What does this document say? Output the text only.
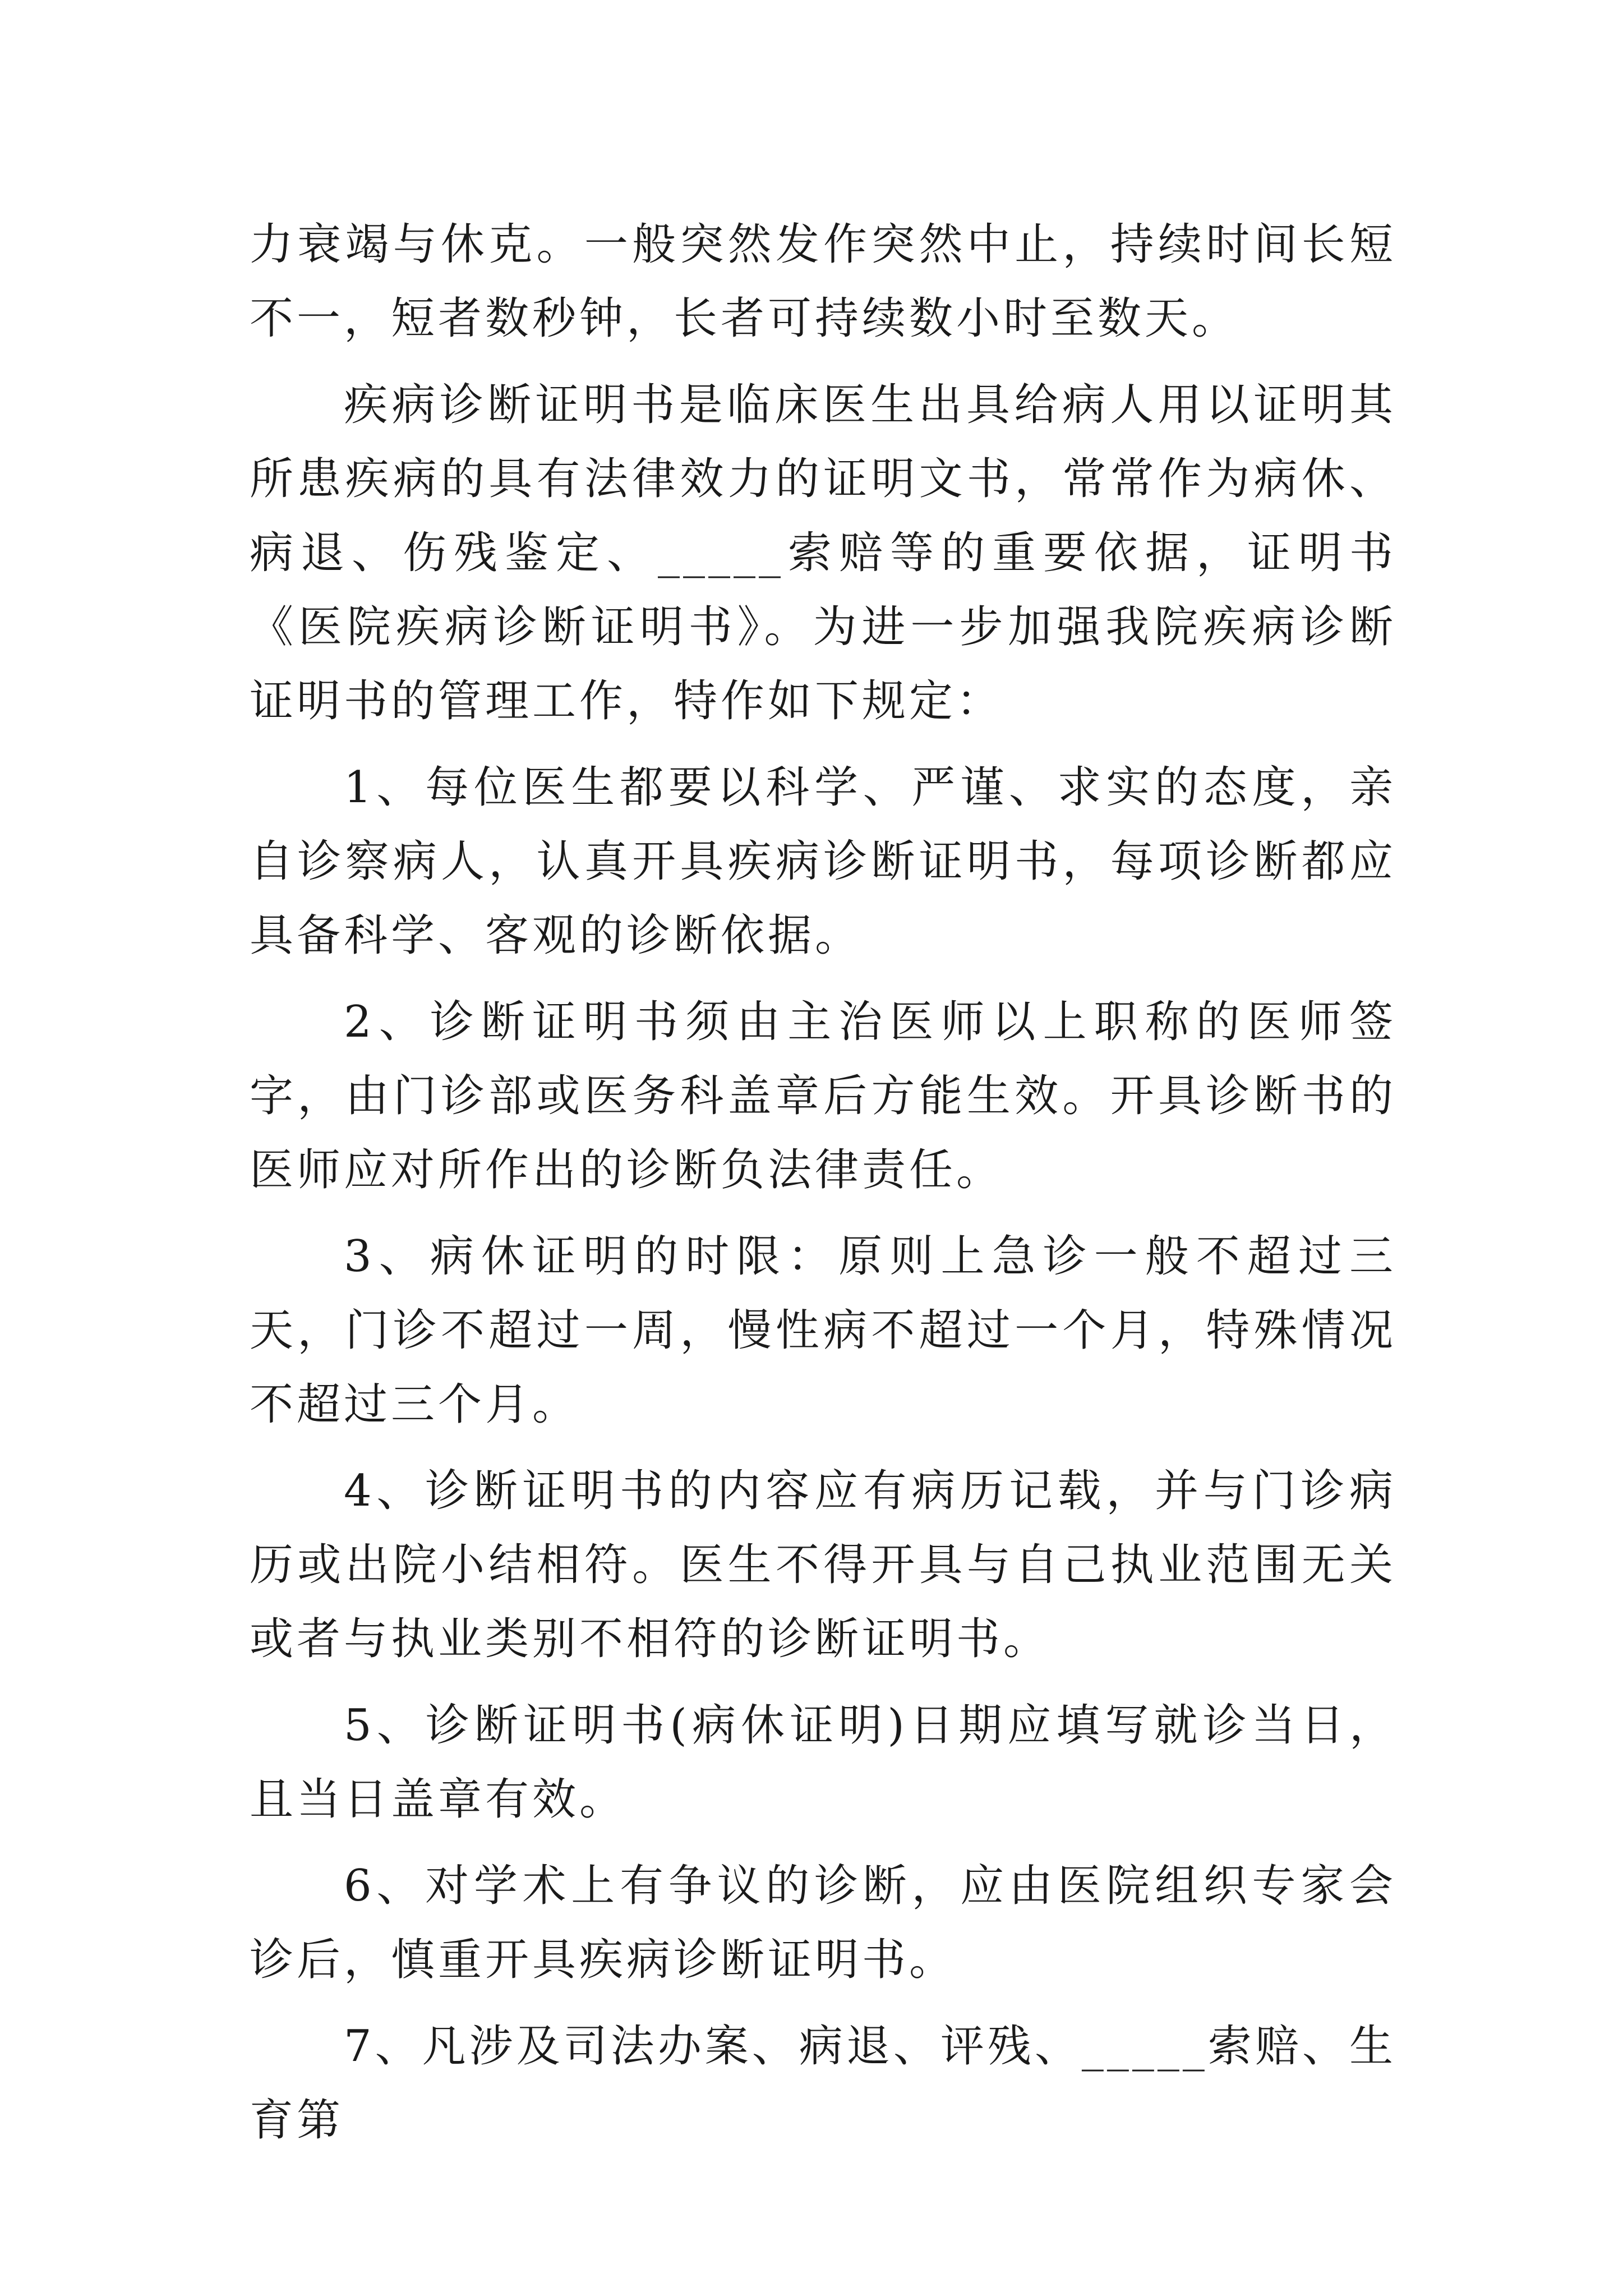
力衰竭与休克。一般突然发作突然中止，持续时间长短不一，短者数秒钟，长者可持续数小时至数天。

疾病诊断证明书是临床医生出具给病人用以证明其所患疾病的具有法律效力的证明文书，常常作为病休、病退、伤残鉴定、_____索赔等的重要依据，证明书《医院疾病诊断证明书》。为进一步加强我院疾病诊断证明书的管理工作，特作如下规定：

1、每位医生都要以科学、严谨、求实的态度，亲自诊察病人，认真开具疾病诊断证明书，每项诊断都应具备科学、客观的诊断依据。

2、诊断证明书须由主治医师以上职称的医师签字，由门诊部或医务科盖章后方能生效。开具诊断书的医师应对所作出的诊断负法律责任。

3、病休证明的时限：原则上急诊一般不超过三天，门诊不超过一周，慢性病不超过一个月，特殊情况不超过三个月。

4、诊断证明书的内容应有病历记载，并与门诊病历或出院小结相符。医生不得开具与自己执业范围无关或者与执业类别不相符的诊断证明书。

5、诊断证明书(病休证明)日期应填写就诊当日，且当日盖章有效。

6、对学术上有争议的诊断，应由医院组织专家会诊后，慎重开具疾病诊断证明书。

7、凡涉及司法办案、病退、评残、_____索赔、生育第
